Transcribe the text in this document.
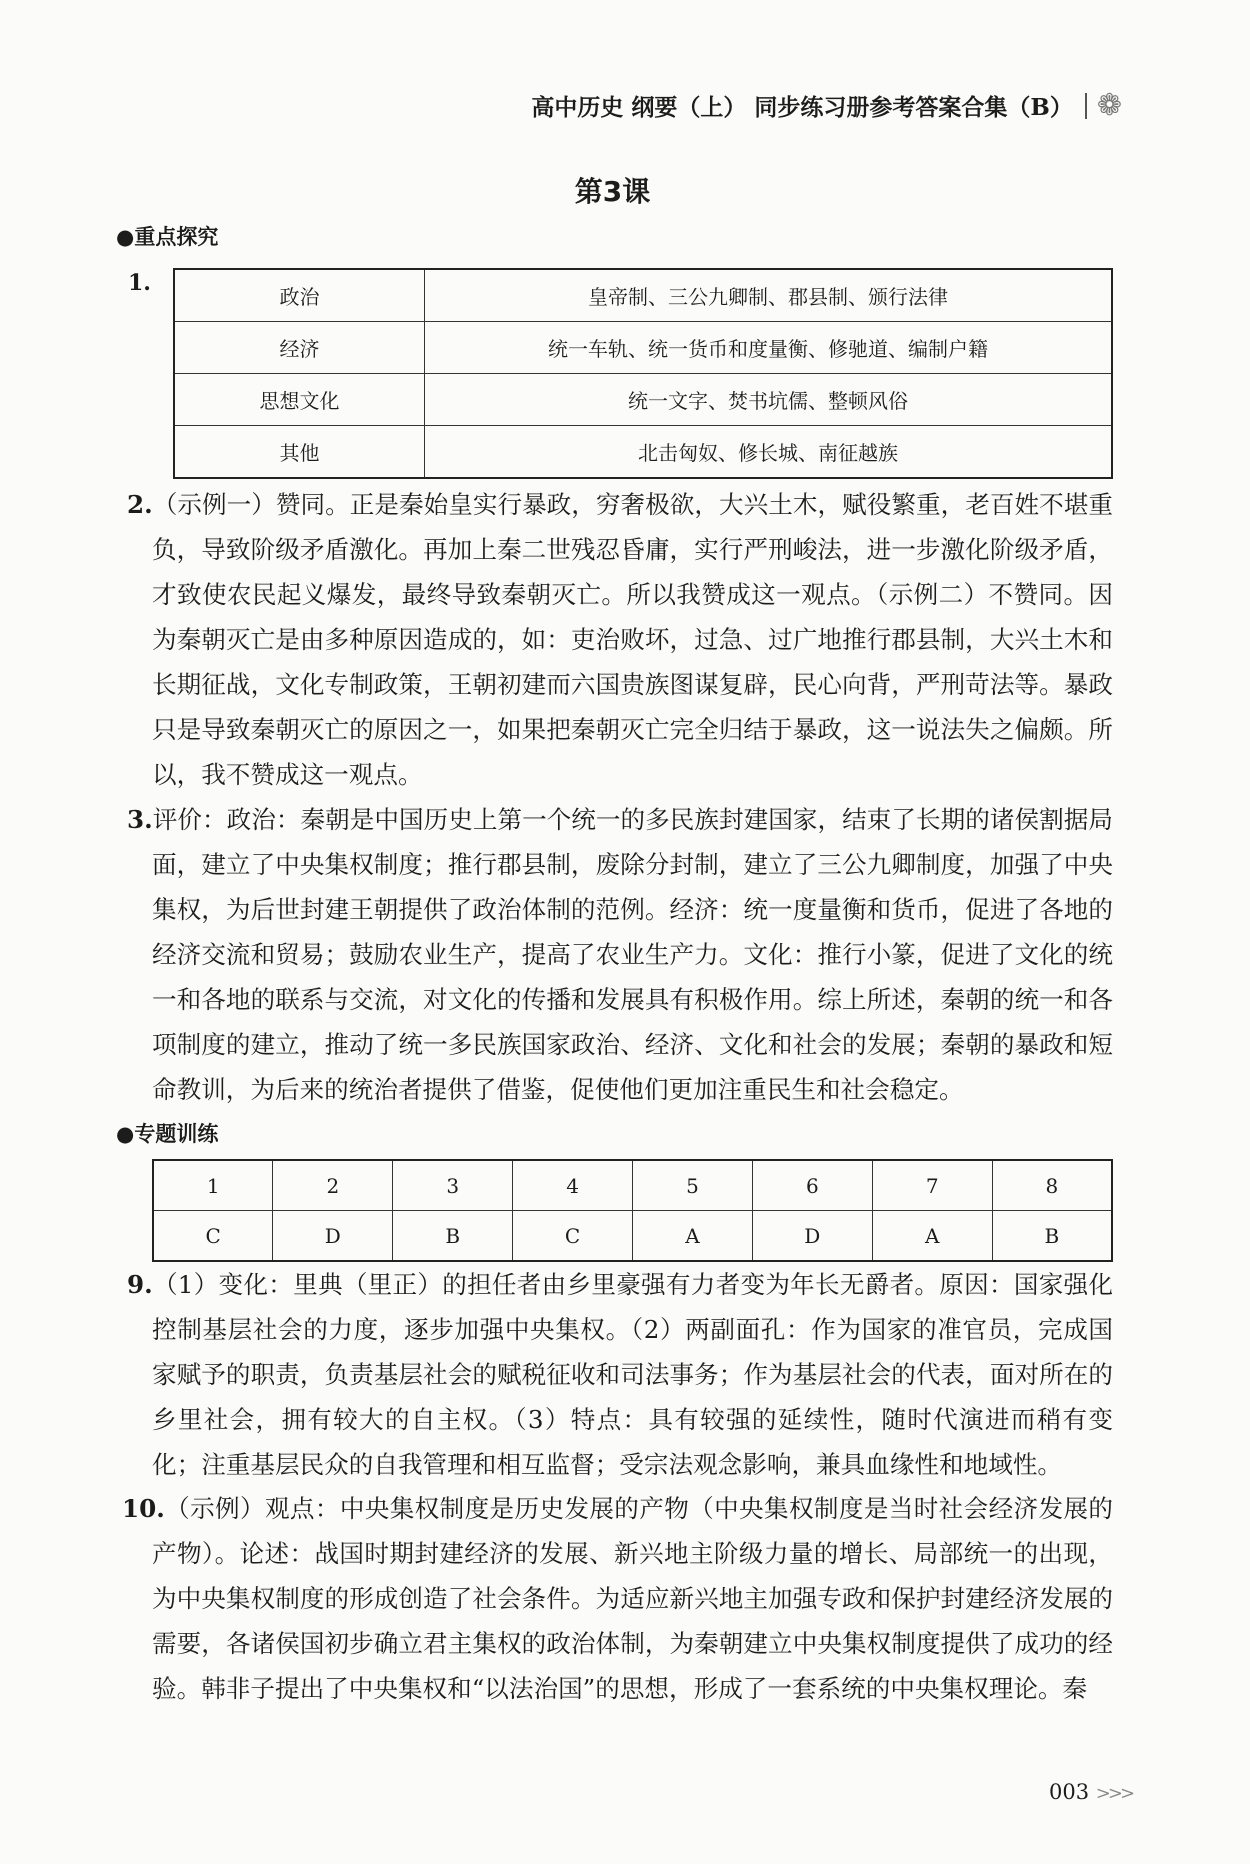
高中历史 纲要（上） 同步练习册参考答案合集（B） ❁
第3课
●重点探究
1.
政治	皇帝制、三公九卿制、郡县制、颁行法律
经济	统一车轨、统一货币和度量衡、修驰道、编制户籍
思想文化	统一文字、焚书坑儒、整顿风俗
其他	北击匈奴、修长城、南征越族
2.（示例一）赞同。正是秦始皇实行暴政，穷奢极欲，大兴土木，赋役繁重，老百姓不堪重负，导致阶级矛盾激化。再加上秦二世残忍昏庸，实行严刑峻法，进一步激化阶级矛盾，才致使农民起义爆发，最终导致秦朝灭亡。所以我赞成这一观点。（示例二）不赞同。因为秦朝灭亡是由多种原因造成的，如：吏治败坏，过急、过广地推行郡县制，大兴土木和长期征战，文化专制政策，王朝初建而六国贵族图谋复辟，民心向背，严刑苛法等。暴政只是导致秦朝灭亡的原因之一，如果把秦朝灭亡完全归结于暴政，这一说法失之偏颇。所以，我不赞成这一观点。
3.评价：政治：秦朝是中国历史上第一个统一的多民族封建国家，结束了长期的诸侯割据局面，建立了中央集权制度；推行郡县制，废除分封制，建立了三公九卿制度，加强了中央集权，为后世封建王朝提供了政治体制的范例。经济：统一度量衡和货币，促进了各地的经济交流和贸易；鼓励农业生产，提高了农业生产力。文化：推行小篆，促进了文化的统一和各地的联系与交流，对文化的传播和发展具有积极作用。综上所述，秦朝的统一和各项制度的建立，推动了统一多民族国家政治、经济、文化和社会的发展；秦朝的暴政和短命教训，为后来的统治者提供了借鉴，促使他们更加注重民生和社会稳定。
●专题训练
1	2	3	4	5	6	7	8
C	D	B	C	A	D	A	B
9.（1）变化：里典（里正）的担任者由乡里豪强有力者变为年长无爵者。原因：国家强化控制基层社会的力度，逐步加强中央集权。（2）两副面孔：作为国家的准官员，完成国家赋予的职责，负责基层社会的赋税征收和司法事务；作为基层社会的代表，面对所在的乡里社会，拥有较大的自主权。（3）特点：具有较强的延续性，随时代演进而稍有变化；注重基层民众的自我管理和相互监督；受宗法观念影响，兼具血缘性和地域性。
10.（示例）观点：中央集权制度是历史发展的产物（中央集权制度是当时社会经济发展的产物）。论述：战国时期封建经济的发展、新兴地主阶级力量的增长、局部统一的出现，为中央集权制度的形成创造了社会条件。为适应新兴地主加强专政和保护封建经济发展的需要，各诸侯国初步确立君主集权的政治体制，为秦朝建立中央集权制度提供了成功的经验。韩非子提出了中央集权和“以法治国”的思想，形成了一套系统的中央集权理论。秦
003 >>>
